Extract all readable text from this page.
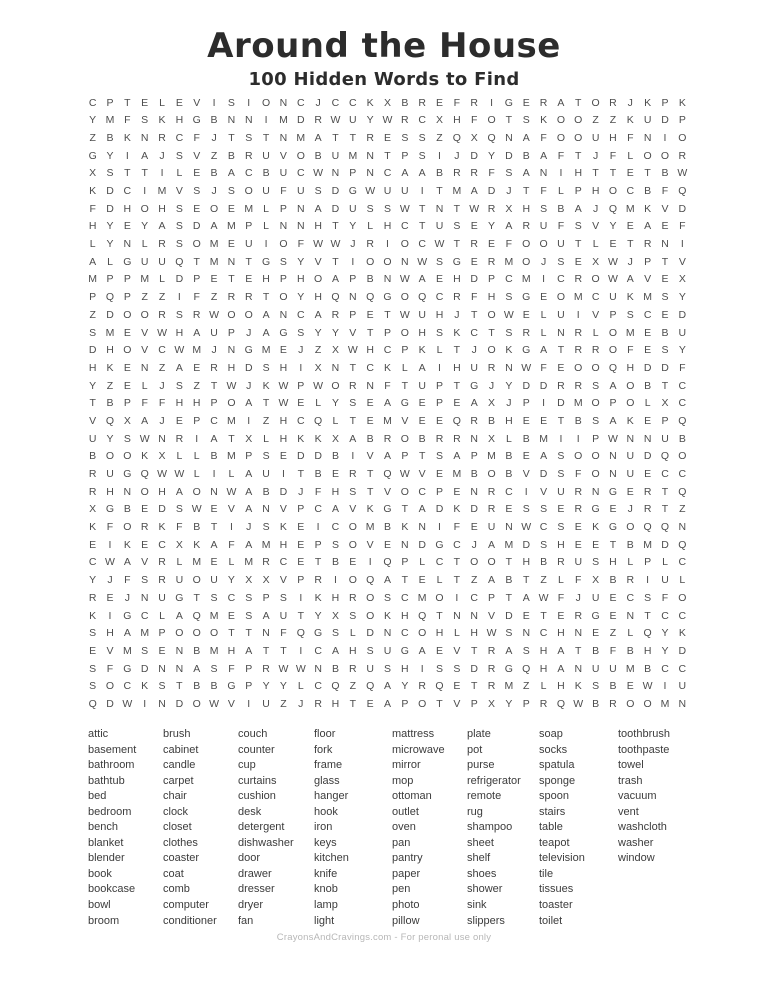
Around the House
100 Hidden Words to Find
C P	T	E	L	E V	I	S	I	O N C	J	C C K X B R E	F R	I	G E R A	T O R	J	K P K
Y M F	S K H G B N N	I	M D R W U Y W R C X H F O T	S K O O Z	Z	K U D P
Z	B K N R C F	J	T	S	T N M A	T	T R E S S	Z Q X Q N A	F O O U H F N	I	O
G Y	I	A	J	S V	Z	B R U V O B U M N T	P S	I	J	D Y D B A	F	T	J	F	L O O R
X S	T	T	I	L	E B A C B U C W N P N C A A B R R F	S A N	I	H T	T	E	T	B W
K D C	I	M V S	J	S O U F U S D G W U U	I	T M A D	J	T	F	L	P H O C B	F Q
F D H O H S E O E M L	P N A D U S S W T N T W R X H S B A	J	Q M K V D
H Y E Y A S D A M P	L	N N H T	Y	L	H C T U S E Y A R U F	S V Y E A E	F
L	Y N	L	R S O M E U	I	O F W W J	R	I	O C W T R E	F O O U T	L	E	T R N	I
A	L G U U Q T M N T G S Y V	T	I	O O N W S G E R M O	J	S E X W J	P	T	V
M P P M L	D P E	T	E H P H O A P B N W A E H D P C M	I	C R O W A V E X
P Q P	Z	Z	I	F	Z R R T O Y H Q N Q G O Q C R F H S G E O M C U K M S Y
Z D O O R S R W O O A N C A R P E	T W U H	J	T O W E	L	U	I	V P S C E D
S M E V W H A U P	J	A G S Y Y V	T	P O H S K C T	S R	L	N R	L O M E B U
D H O V C W M J	N G M E	J	Z	X W H C P K	L	T	J	O K G A	T R R O F	E S Y
H K E N Z	A E R H D S H	I	X N T C K	L	A	I	H U R N W F	E O O Q H D D F
Y	Z	E	L	J	S	Z	T W J	K W P W O R N F	T U P	T G	J	Y D D R R S A O B	T C
T	B P	F	F H H P O A	T W E	L	Y S E A G E P E A X	J	P	I	D M O P O L	X C
V Q X A	J	E P C M	I	Z H C Q L	T	E M V E E Q R B H E E	T	B S A K E P Q
U Y S W N R	I	A	T	X	L	H K K X A B R O B R R N X	L	B M	I	I	P W N N U B
B O O K X	L	L	B M P S E D D B	I	V A P	T	S A P M B E A S O O N U D Q O
R U G Q W W L	I	L	A U	I	T	B E R T Q W V E M B O B V D S	F O N U E C C
R H N O H A O N W A B D	J	F H S	T	V O C P E N R C	I	V U R N G E R T Q
X G B E D S W E V A N V P C A V K G T	A D K D R E S S E R G E	J	R T	Z
K	F O R K	F	B	T	I	J	S K E	I	C O M B K N	I	F	E U N W C S E K G O Q Q N
E	I	K E C X K A	F	A M H E P S O V E N D G C	J	A M D S H E E	T	B M D Q
C W A V R	L M E	L M R C E	T	B E	I	Q P	L	C T O O T H B R U S H	L	P	L	C
Y	J	F	S R U O U Y X X V P R	I	O Q A	T	E	L	T	Z	A B	T	Z	L	F	X B R	I	U	L
R E	J	N U G T	S C S P S	I	K H R O S C M O	I	C P	T	A W F	J	U E C S	F O
K	I	G C	L	A Q M E S A U T	Y X S O K H Q T N N V D E	T	E R G E N T C C
S H A M P O O O T	T N F Q G S	L	D N C O H	L	H W S N C H N E	Z	L Q Y K
E V M S E N B M H A	T	T	I	C A H S U G A E V	T R A S H A	T	B	F	B H Y D
S	F G D N N A S	F	P R W W N B R U S H	I	S S D R G Q H A N U U M B C C
S O C K S	T	B B G P Y Y	L	C Q Z Q A Y R Q E	T R M Z	L	H K S B E W	I	U
Q D W	I	N D O W V	I	U Z	J	R H T	E A P O T	V P X Y P R Q W B R O O M N
attic
basement
bathroom
bathtub
bed
bedroom
bench
blanket
blender
book
bookcase
bowl
broom
brush
cabinet
candle
carpet
chair
clock
closet
clothes
coaster
coat
comb
computer
conditioner
couch
counter
cup
curtains
cushion
desk
detergent
dishwasher
door
drawer
dresser
dryer
fan
floor
fork
frame
glass
hanger
hook
iron
keys
kitchen
knife
knob
lamp
light
mattress
microwave
mirror
mop
ottoman
outlet
oven
pan
pantry
paper
pen
photo
pillow
plate
pot
purse
refrigerator
remote
rug
shampoo
sheet
shelf
shoes
shower
sink
slippers
soap
socks
spatula
sponge
spoon
stairs
table
teapot
television
tile
tissues
toaster
toilet
toothbrush
toothpaste
towel
trash
vacuum
vent
washcloth
washer
window
CrayonsAndCravings.com - For peronal use only
